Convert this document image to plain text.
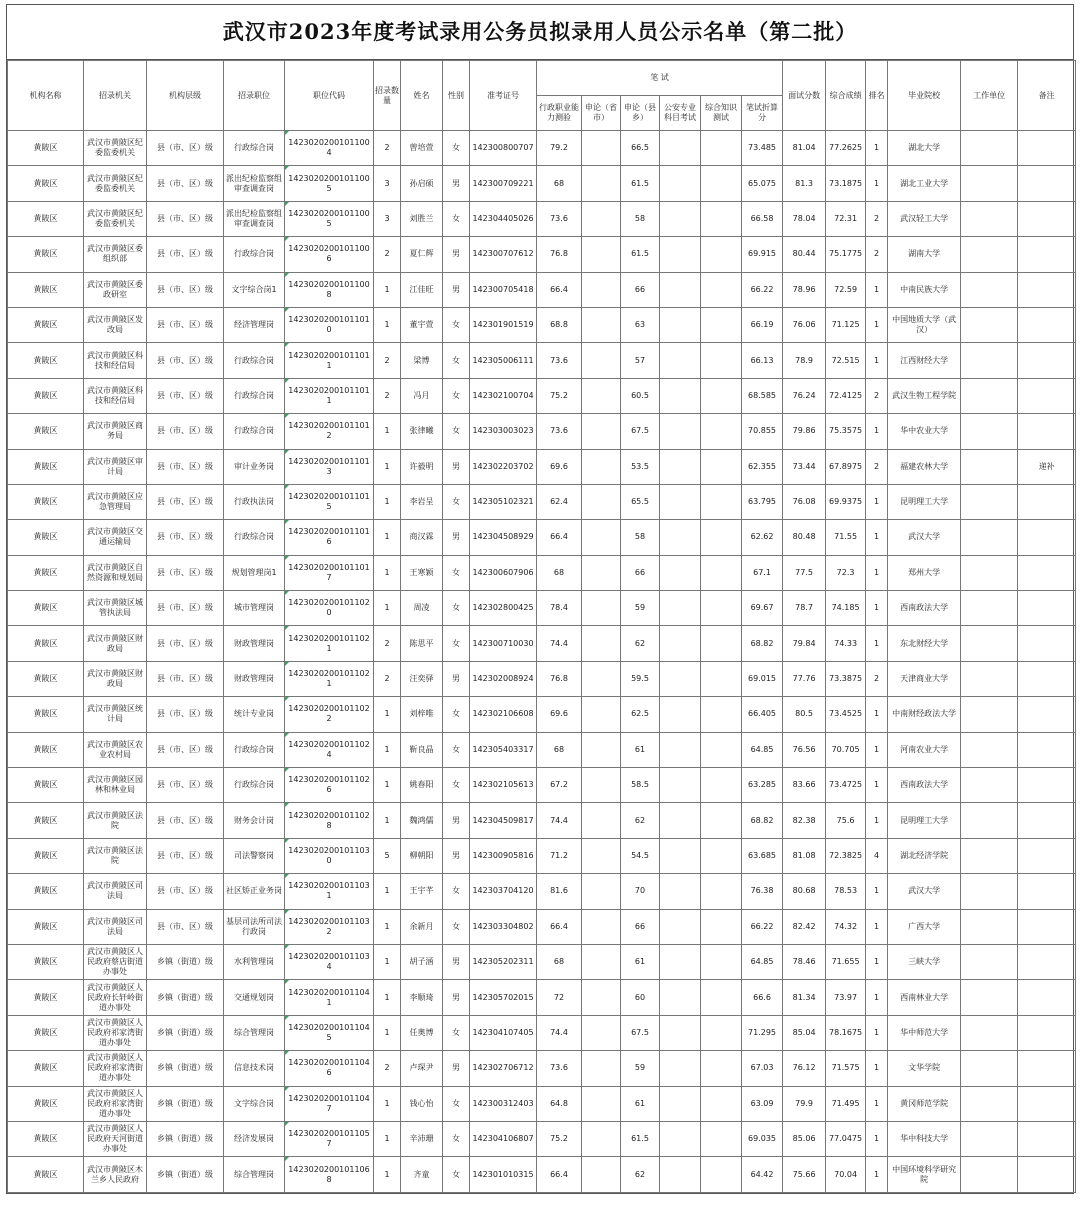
武汉市2023年度考试录用公务员拟录用人员公示名单（第二批）
机构名称	招录机关	机构层级	招录职位	职位代码	招录数量	姓名	性别	准考证号	笔 试						面试分数	综合成绩	排名	毕业院校	工作单位	备注
									行政职业能力测验	申论（省市）	申论（县乡）	公安专业科目考试	综合知识测试	笔试折算分						
黄陂区	武汉市黄陂区纪委监委机关	县（市、区）级	行政综合岗	14230202001011004	2	曾培萱	女	142300800707	79.2		66.5			73.485	81.04	77.2625	1	湖北大学		
黄陂区	武汉市黄陂区纪委监委机关	县（市、区）级	派出纪检监察组审查调查岗	14230202001011005	3	孙启硕	男	142300709221	68		61.5			65.075	81.3	73.1875	1	湖北工业大学		
黄陂区	武汉市黄陂区纪委监委机关	县（市、区）级	派出纪检监察组审查调查岗	14230202001011005	3	刘胜兰	女	142304405026	73.6		58			66.58	78.04	72.31	2	武汉轻工大学		
黄陂区	武汉市黄陂区委组织部	县（市、区）级	行政综合岗	14230202001011006	2	夏仁辉	男	142300707612	76.8		61.5			69.915	80.44	75.1775	2	湖南大学		
黄陂区	武汉市黄陂区委政研室	县（市、区）级	文字综合岗1	14230202001011008	1	江佳旺	男	142300705418	66.4		66			66.22	78.96	72.59	1	中南民族大学		
黄陂区	武汉市黄陂区发改局	县（市、区）级	经济管理岗	14230202001011010	1	董宇萱	女	142301901519	68.8		63			66.19	76.06	71.125	1	中国地质大学（武汉）		
黄陂区	武汉市黄陂区科技和经信局	县（市、区）级	行政综合岗	14230202001011011	2	梁博	女	142305006111	73.6		57			66.13	78.9	72.515	1	江西财经大学		
黄陂区	武汉市黄陂区科技和经信局	县（市、区）级	行政综合岗	14230202001011011	2	冯月	女	142302100704	75.2		60.5			68.585	76.24	72.4125	2	武汉生物工程学院		
黄陂区	武汉市黄陂区商务局	县（市、区）级	行政综合岗	14230202001011012	1	张律曦	女	142303003023	73.6		67.5			70.855	79.86	75.3575	1	华中农业大学		
黄陂区	武汉市黄陂区审计局	县（市、区）级	审计业务岗	14230202001011013	1	许毅明	男	142302203702	69.6		53.5			62.355	73.44	67.8975	2	福建农林大学		递补
黄陂区	武汉市黄陂区应急管理局	县（市、区）级	行政执法岗	14230202001011015	1	李岩呈	女	142305102321	62.4		65.5			63.795	76.08	69.9375	1	昆明理工大学		
黄陂区	武汉市黄陂区交通运输局	县（市、区）级	行政综合岗	14230202001011016	1	商汉霖	男	142304508929	66.4		58			62.62	80.48	71.55	1	武汉大学		
黄陂区	武汉市黄陂区自然资源和规划局	县（市、区）级	规划管理岗1	14230202001011017	1	王寒颖	女	142300607906	68		66			67.1	77.5	72.3	1	郑州大学		
黄陂区	武汉市黄陂区城管执法局	县（市、区）级	城市管理岗	14230202001011020	1	周凌	女	142302800425	78.4		59			69.67	78.7	74.185	1	西南政法大学		
黄陂区	武汉市黄陂区财政局	县（市、区）级	财政管理岗	14230202001011021	2	陈思平	女	142300710030	74.4		62			68.82	79.84	74.33	1	东北财经大学		
黄陂区	武汉市黄陂区财政局	县（市、区）级	财政管理岗	14230202001011021	2	汪奕驿	男	142302008924	76.8		59.5			69.015	77.76	73.3875	2	天津商业大学		
黄陂区	武汉市黄陂区统计局	县（市、区）级	统计专业岗	14230202001011022	1	刘梓唯	女	142302106608	69.6		62.5			66.405	80.5	73.4525	1	中南财经政法大学		
黄陂区	武汉市黄陂区农业农村局	县（市、区）级	行政综合岗	14230202001011024	1	靳良晶	女	142305403317	68		61			64.85	76.56	70.705	1	河南农业大学		
黄陂区	武汉市黄陂区园林和林业局	县（市、区）级	行政综合岗	14230202001011026	1	姚春阳	女	142302105613	67.2		58.5			63.285	83.66	73.4725	1	西南政法大学		
黄陂区	武汉市黄陂区法院	县（市、区）级	财务会计岗	14230202001011028	1	魏鸿儒	男	142304509817	74.4		62			68.82	82.38	75.6	1	昆明理工大学		
黄陂区	武汉市黄陂区法院	县（市、区）级	司法警察岗	14230202001011030	5	柳朝阳	男	142300905816	71.2		54.5			63.685	81.08	72.3825	4	湖北经济学院		
黄陂区	武汉市黄陂区司法局	县（市、区）级	社区矫正业务岗	14230202001011031	1	王宇芊	女	142303704120	81.6		70			76.38	80.68	78.53	1	武汉大学		
黄陂区	武汉市黄陂区司法局	县（市、区）级	基层司法所司法行政岗	14230202001011032	1	余新月	女	142303304802	66.4		66			66.22	82.42	74.32	1	广西大学		
黄陂区	武汉市黄陂区人民政府蔡店街道办事处	乡镇（街道）级	水利管理岗	14230202001011034	1	胡子涵	男	142305202311	68		61			64.85	78.46	71.655	1	三峡大学		
黄陂区	武汉市黄陂区人民政府长轩岭街道办事处	乡镇（街道）级	交通规划岗	14230202001011041	1	李顺琦	男	142305702015	72		60			66.6	81.34	73.97	1	西南林业大学		
黄陂区	武汉市黄陂区人民政府祁家湾街道办事处	乡镇（街道）级	综合管理岗	14230202001011045	1	任奥博	女	142304107405	74.4		67.5			71.295	85.04	78.1675	1	华中师范大学		
黄陂区	武汉市黄陂区人民政府祁家湾街道办事处	乡镇（街道）级	信息技术岗	14230202001011046	2	卢琛尹	男	142302706712	73.6		59			67.03	76.12	71.575	1	文华学院		
黄陂区	武汉市黄陂区人民政府祁家湾街道办事处	乡镇（街道）级	文字综合岗	14230202001011047	1	钱心怡	女	142300312403	64.8		61			63.09	79.9	71.495	1	黄冈师范学院		
黄陂区	武汉市黄陂区人民政府天河街道办事处	乡镇（街道）级	经济发展岗	14230202001011057	1	辛沛珊	女	142304106807	75.2		61.5			69.035	85.06	77.0475	1	华中科技大学		
黄陂区	武汉市黄陂区木兰乡人民政府	乡镇（街道）级	综合管理岗	14230202001011068	1	齐童	女	142301010315	66.4		62			64.42	75.66	70.04	1	中国环境科学研究院		
